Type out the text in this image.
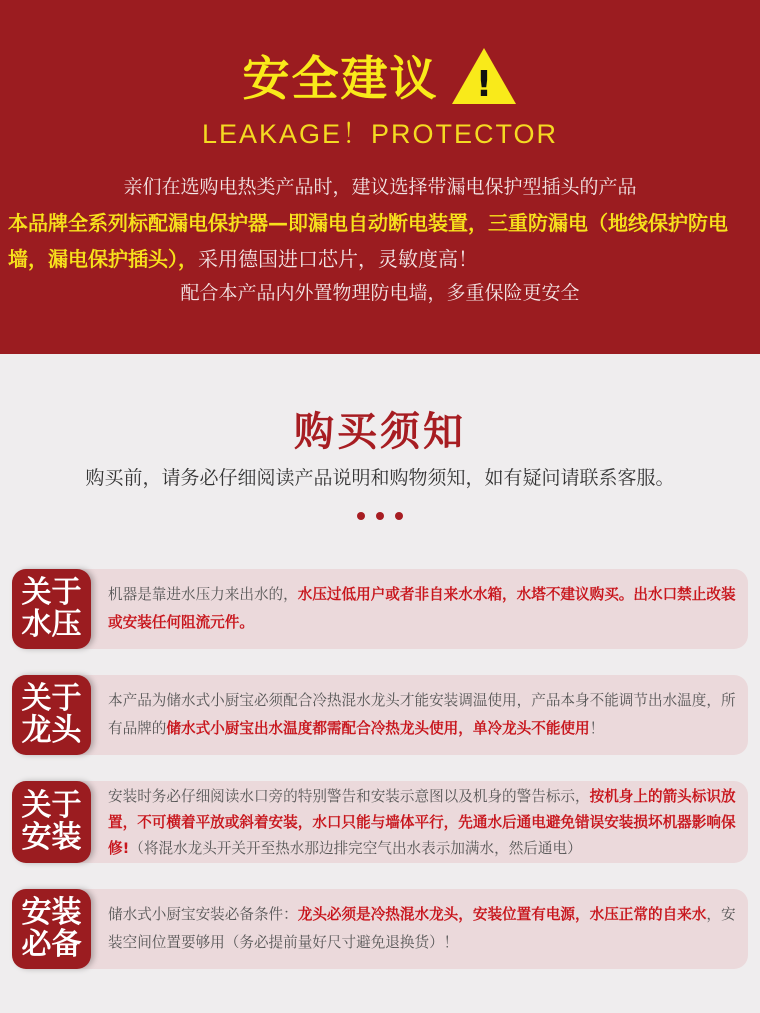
安全建议 !
LEAKAGE！PROTECTOR
亲们在选购电热类产品时，建议选择带漏电保护型插头的产品
本品牌全系列标配漏电保护器—即漏电自动断电装置，三重防漏电（地线保护防电墙，漏电保护插头），采用德国进口芯片，灵敏度高！
配合本产品内外置物理防电墙，多重保险更安全
购买须知
购买前，请务必仔细阅读产品说明和购物须知，如有疑问请联系客服。
关于
水压
机器是靠进水压力来出水的，水压过低用户或者非自来水水箱，水塔不建议购买。出水口禁止改装或安装任何阻流元件。
关于
龙头
本产品为储水式小厨宝必须配合冷热混水龙头才能安装调温使用，产品本身不能调节出水温度，所有品牌的储水式小厨宝出水温度都需配合冷热龙头使用，单冷龙头不能使用！
关于
安装
安装时务必仔细阅读水口旁的特别警告和安装示意图以及机身的警告标示，按机身上的箭头标识放置，不可横着平放或斜着安装，水口只能与墙体平行，先通水后通电避免错误安装损坏机器影响保修!（将混水龙头开关开至热水那边排完空气出水表示加满水，然后通电）
安装
必备
储水式小厨宝安装必备条件：龙头必须是冷热混水龙头，安装位置有电源，水压正常的自来水，安装空间位置要够用（务必提前量好尺寸避免退换货）！
